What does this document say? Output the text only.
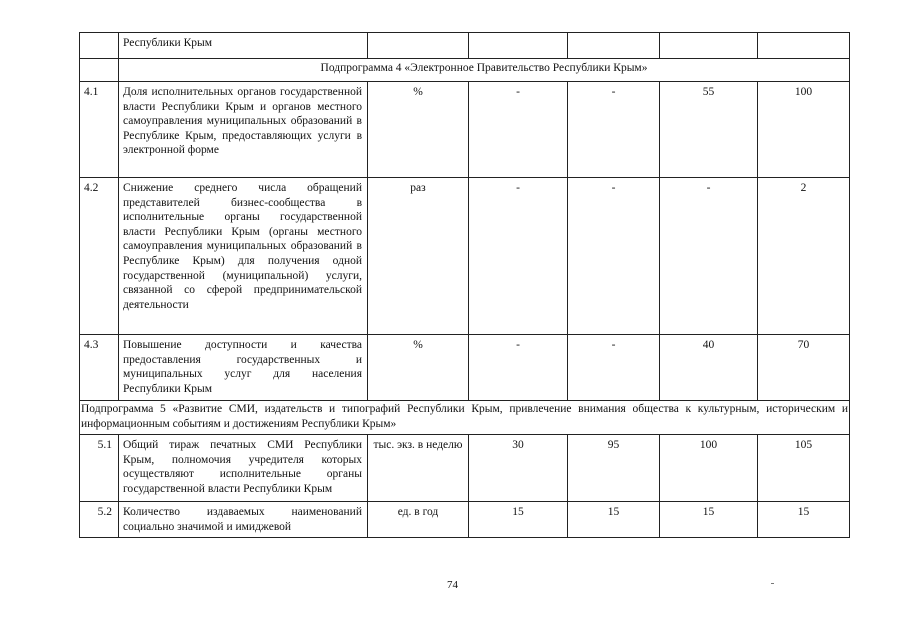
	Республики Крым					
	Подпрограмма 4 «Электронное Правительство Республики Крым»					
4.1	Доля исполнительных органов государственной власти Республики Крым и органов местного самоуправления муниципальных образований в Республике Крым, предоставляющих услуги в электронной форме	%	-	-	55	100
4.2	Снижение среднего числа обращений представителей бизнес-сообщества в исполнительные органы государственной власти Республики Крым (органы местного самоуправления муниципальных образований в Республике Крым) для получения одной государственной (муниципальной) услуги, связанной со сферой предпринимательской деятельности	раз	-	-	-	2
4.3	Повышение доступности и качества предоставления государственных и муниципальных услуг для населения Республики Крым	%	-	-	40	70
Подпрограмма 5 «Развитие СМИ, издательств и типографий Республики Крым, привлечение внимания общества к культурным, историческим и информационным событиям и достижениям Республики Крым»						
5.1	Общий тираж печатных СМИ Республики Крым, полномочия учредителя которых осуществляют исполнительные органы государственной власти Республики Крым	тыс. экз. в неделю	30	95	100	105
5.2	Количество издаваемых наименований социально значимой и имиджевой	ед. в год	15	15	15	15
74
